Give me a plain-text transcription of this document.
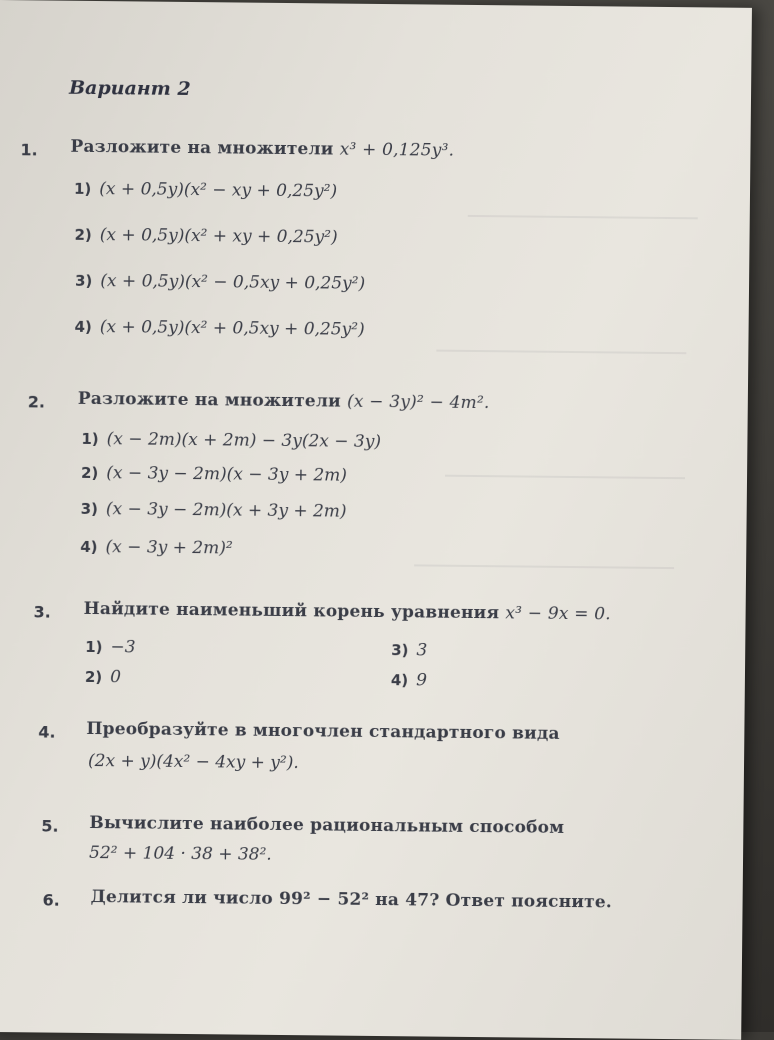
Вариант 2
1. Разложите на множители x³ + 0,125y³.
1) (x + 0,5y)(x² − xy + 0,25y²)
2) (x + 0,5y)(x² + xy + 0,25y²)
3) (x + 0,5y)(x² − 0,5xy + 0,25y²)
4) (x + 0,5y)(x² + 0,5xy + 0,25y²)
2. Разложите на множители (x − 3y)² − 4m².
1) (x − 2m)(x + 2m) − 3y(2x − 3y)
2) (x − 3y − 2m)(x − 3y + 2m)
3) (x − 3y − 2m)(x + 3y + 2m)
4) (x − 3y + 2m)²
3. Найдите наименьший корень уравнения x³ − 9x = 0.
1) −3
2) 0
3) 3
4) 9
4. Преобразуйте в многочлен стандартного вида
(2x + y)(4x² − 4xy + y²).
5. Вычислите наиболее рациональным способом
52² + 104 · 38 + 38².
6. Делится ли число 99² − 52² на 47? Ответ поясните.
